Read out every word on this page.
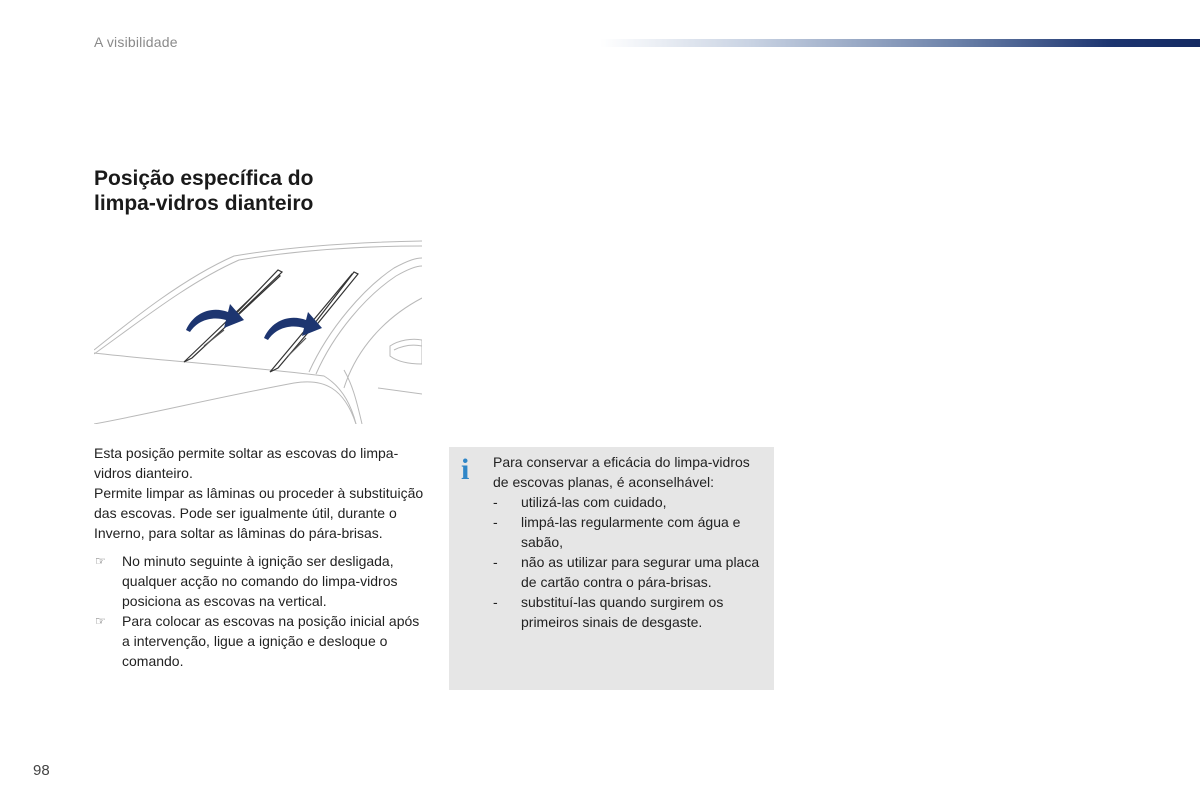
A visibilidade
Posição específica do
limpa-vidros dianteiro

Esta posição permite soltar as escovas do limpa-vidros dianteiro.

Permite limpar as lâminas ou proceder à substituição das escovas. Pode ser igualmente útil, durante o Inverno, para soltar as lâminas do pára-brisas.

☞ No minuto seguinte à ignição ser desligada, qualquer acção no comando do limpa-vidros posiciona as escovas na vertical.
☞ Para colocar as escovas na posição inicial após a intervenção, ligue a ignição e desloque o comando.
i Para conservar a eficácia do limpa-vidros de escovas planas, é aconselhável:

- utilizá-las com cuidado,
- limpá-las regularmente com água e sabão,
- não as utilizar para segurar uma placa de cartão contra o pára-brisas.
- substituí-las quando surgirem os primeiros sinais de desgaste.
98
